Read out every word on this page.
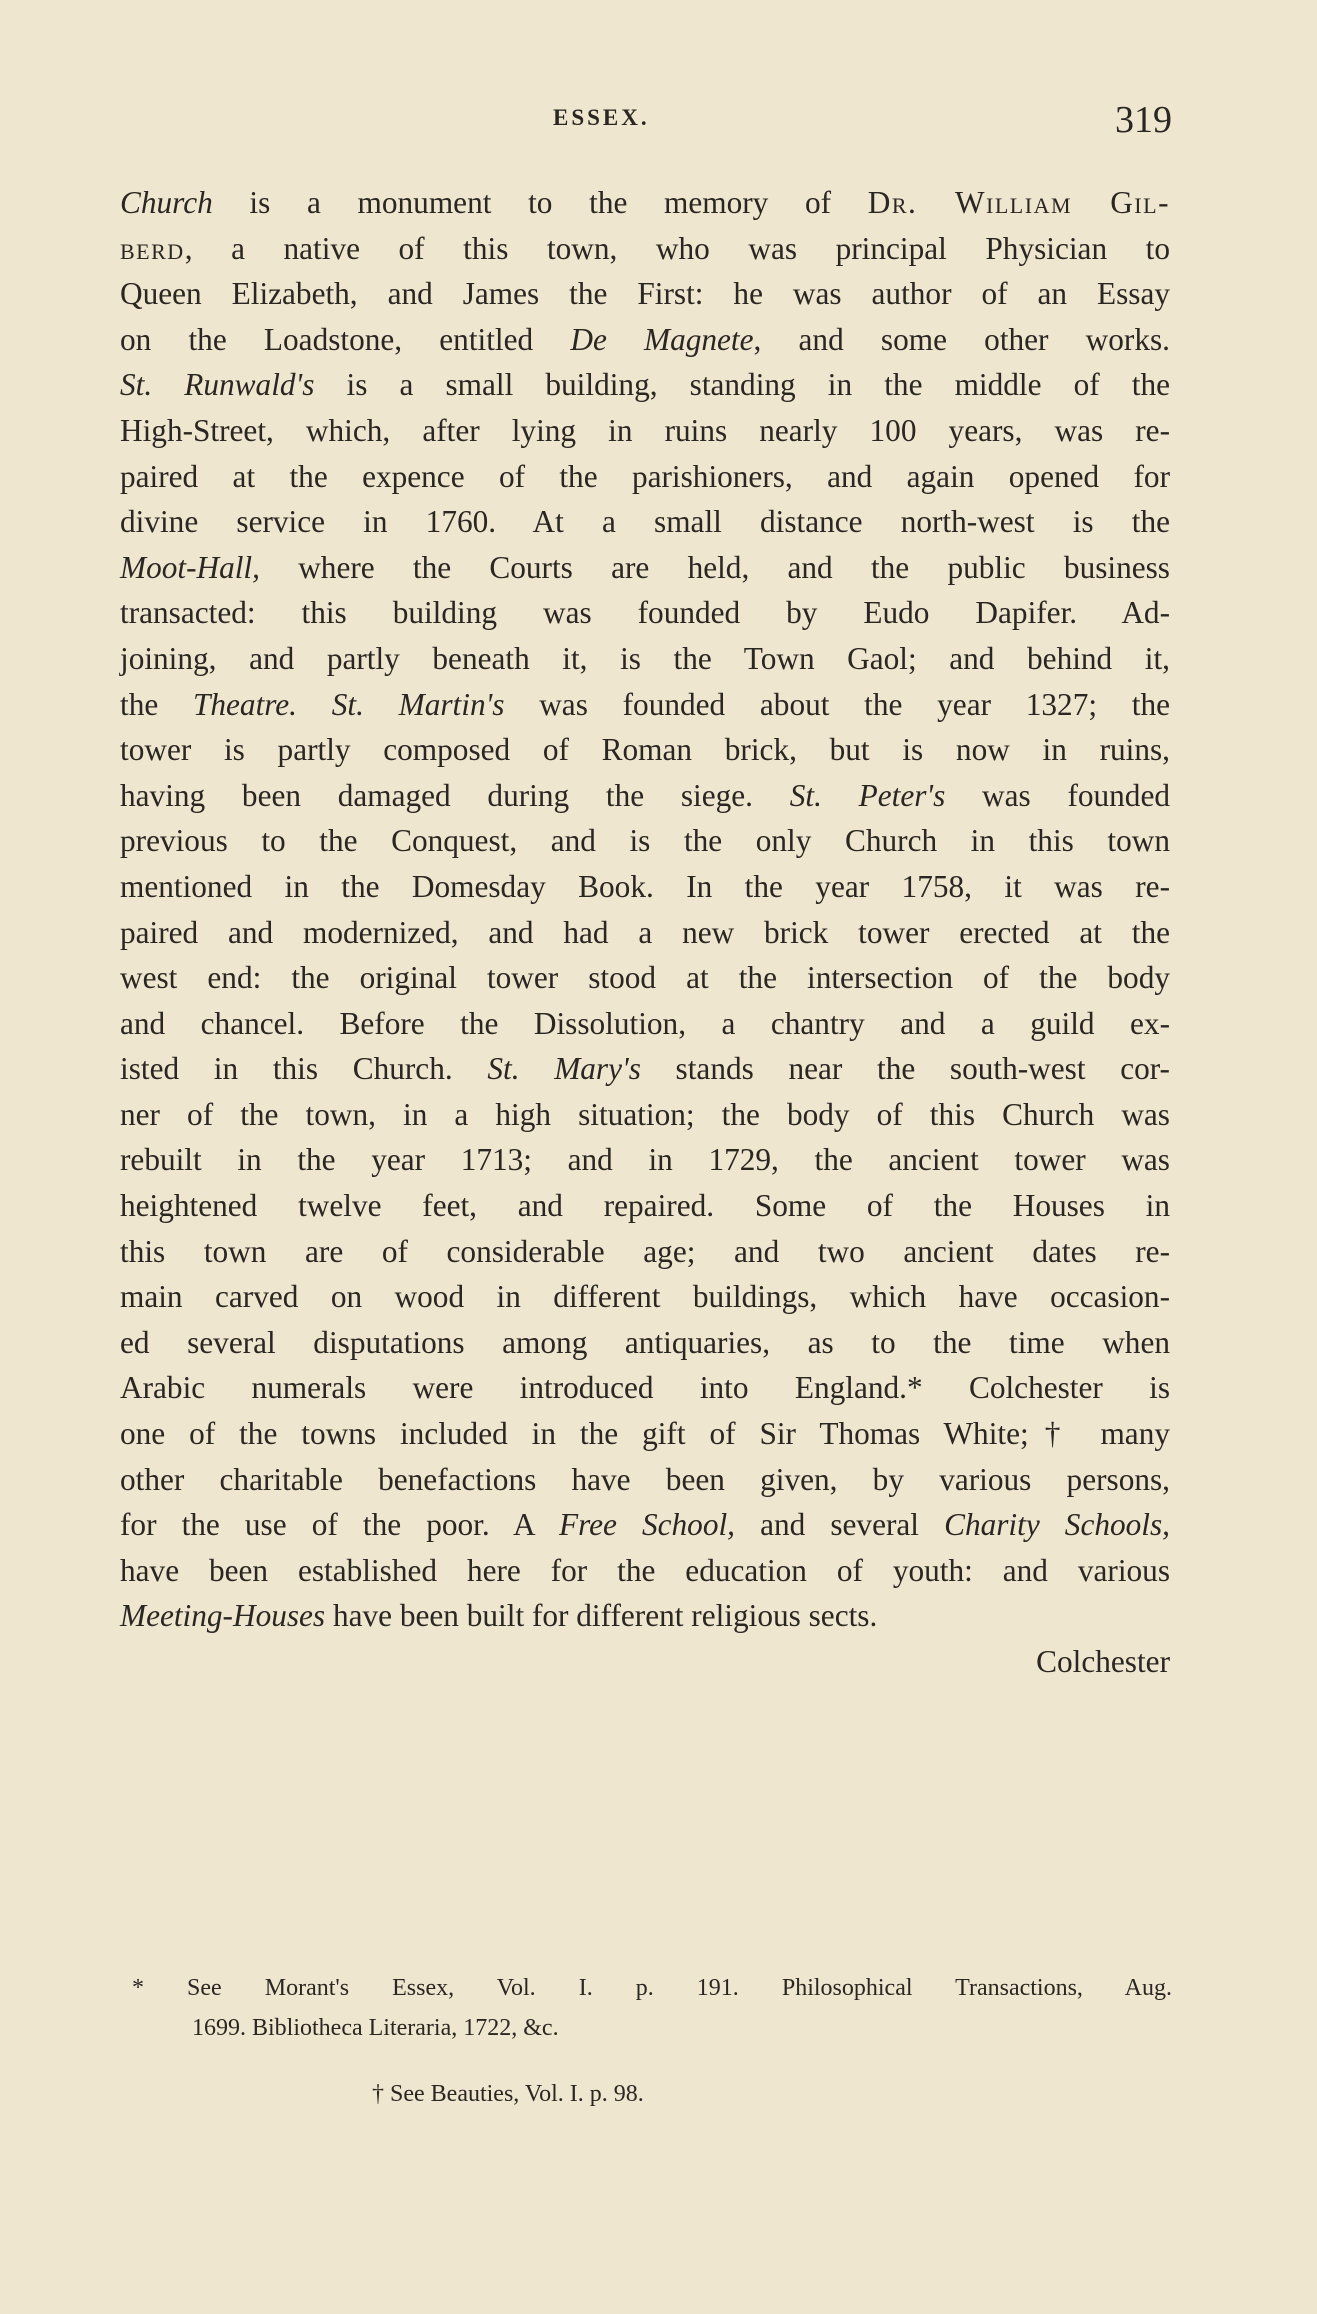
ESSEX.	319
Church is a monument to the memory of Dr. William Gil-
berd, a native of this town, who was principal Physician to
Queen Elizabeth, and James the First: he was author of an Essay
on the Loadstone, entitled De Magnete, and some other works.
St. Runwald's is a small building, standing in the middle of the
High-Street, which, after lying in ruins nearly 100 years, was re-
paired at the expence of the parishioners, and again opened for
divine service in 1760. At a small distance north-west is the
Moot-Hall, where the Courts are held, and the public business
transacted: this building was founded by Eudo Dapifer. Ad-
joining, and partly beneath it, is the Town Gaol; and behind it,
the Theatre. St. Martin's was founded about the year 1327; the
tower is partly composed of Roman brick, but is now in ruins,
having been damaged during the siege. St. Peter's was founded
previous to the Conquest, and is the only Church in this town
mentioned in the Domesday Book. In the year 1758, it was re-
paired and modernized, and had a new brick tower erected at the
west end: the original tower stood at the intersection of the body
and chancel. Before the Dissolution, a chantry and a guild ex-
isted in this Church. St. Mary's stands near the south-west cor-
ner of the town, in a high situation; the body of this Church was
rebuilt in the year 1713; and in 1729, the ancient tower was
heightened twelve feet, and repaired. Some of the Houses in
this town are of considerable age; and two ancient dates re-
main carved on wood in different buildings, which have occasion-
ed several disputations among antiquaries, as to the time when
Arabic numerals were introduced into England.* Colchester is
one of the towns included in the gift of Sir Thomas White;† many
other charitable benefactions have been given, by various persons,
for the use of the poor. A Free School, and several Charity Schools,
have been established here for the education of youth: and various
Meeting-Houses have been built for different religious sects.
Colchester
* See Morant's Essex, Vol. I. p. 191. Philosophical Transactions, Aug.
1699. Bibliotheca Literaria, 1722, &c.
† See Beauties, Vol. I. p. 98.
